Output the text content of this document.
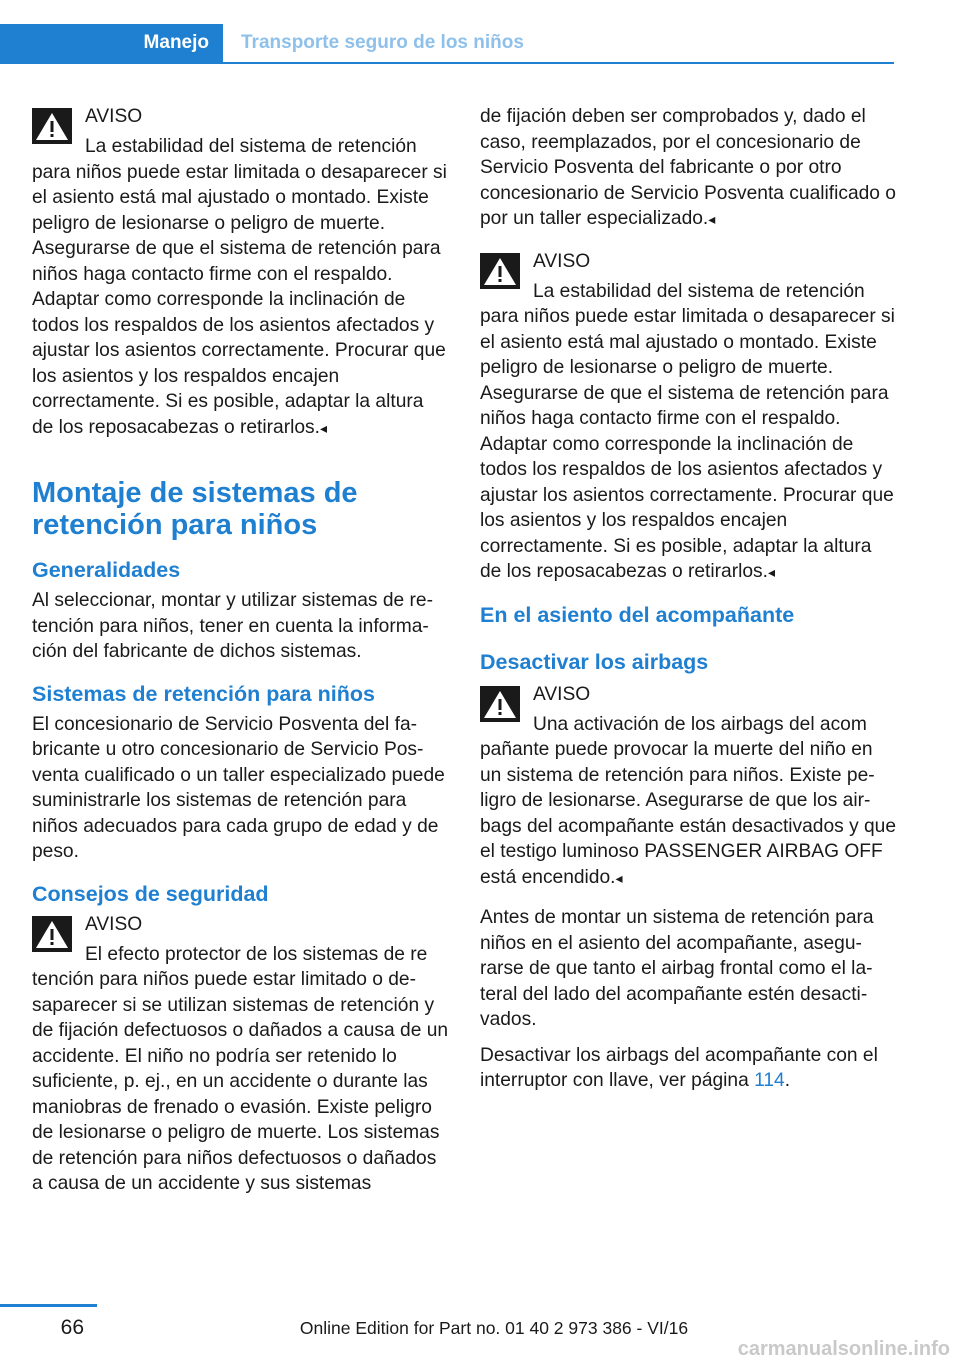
Manejo	Transporte seguro de los niños
AVISO

La estabilidad del sistema de retención
para niños puede estar limitada o desaparecer si el asiento está mal ajustado o montado. Existe peligro de lesionarse o peligro de muerte. Asegurarse de que el sistema de retención para niños haga contacto firme con el respaldo. Adaptar como corresponde la inclinación de todos los respaldos de los asientos afectados y ajustar los asientos correctamente. Procurar que los asientos y los respaldos encajen correctamente. Si es posible, adaptar la altura de los reposacabezas o retirarlos.◂

Montaje de sistemas de retención para niños
Generalidades

Al seleccionar, montar y utilizar sistemas de retención para niños, tener en cuenta la información del fabricante de dichos sistemas.

Sistemas de retención para niños

El concesionario de Servicio Posventa del fabricante u otro concesionario de Servicio Posventa cualificado o un taller especializado puede suministrarle los sistemas de retención para niños adecuados para cada grupo de edad y de peso.

Consejos de seguridad
AVISO

El efecto protector de los sistemas de re
tención para niños puede estar limitado o desaparecer si se utilizan sistemas de retención y de fijación defectuosos o dañados a causa de un accidente. El niño no podría ser retenido lo suficiente, p. ej., en un accidente o durante las maniobras de frenado o evasión. Existe peligro de lesionarse o peligro de muerte. Los sistemas de retención para niños defectuosos o dañados a causa de un accidente y sus sistemas

de fijación deben ser comprobados y, dado el caso, reemplazados, por el concesionario de Servicio Posventa del fabricante o por otro concesionario de Servicio Posventa cualificado o por un taller especializado.◂

AVISO

La estabilidad del sistema de retención
para niños puede estar limitada o desaparecer si el asiento está mal ajustado o montado. Existe peligro de lesionarse o peligro de muerte. Asegurarse de que el sistema de retención para niños haga contacto firme con el respaldo. Adaptar como corresponde la inclinación de todos los respaldos de los asientos afectados y ajustar los asientos correctamente. Procurar que los asientos y los respaldos encajen correctamente. Si es posible, adaptar la altura de los reposacabezas o retirarlos.◂

En el asiento del acompañante
Desactivar los airbags
AVISO

Una activación de los airbags del acom
pañante puede provocar la muerte del niño en un sistema de retención para niños. Existe peligro de lesionarse. Asegurarse de que los airbags del acompañante están desactivados y que el testigo luminoso PASSENGER AIRBAG OFF está encendido.◂

Antes de montar un sistema de retención para niños en el asiento del acompañante, asegurarse de que tanto el airbag frontal como el lateral del lado del acompañante estén desactivados.

Desactivar los airbags del acompañante con el interruptor con llave, ver página 114.

66	Online Edition for Part no. 01 40 2 973 386 - VI/16
carmanualsonline.info
